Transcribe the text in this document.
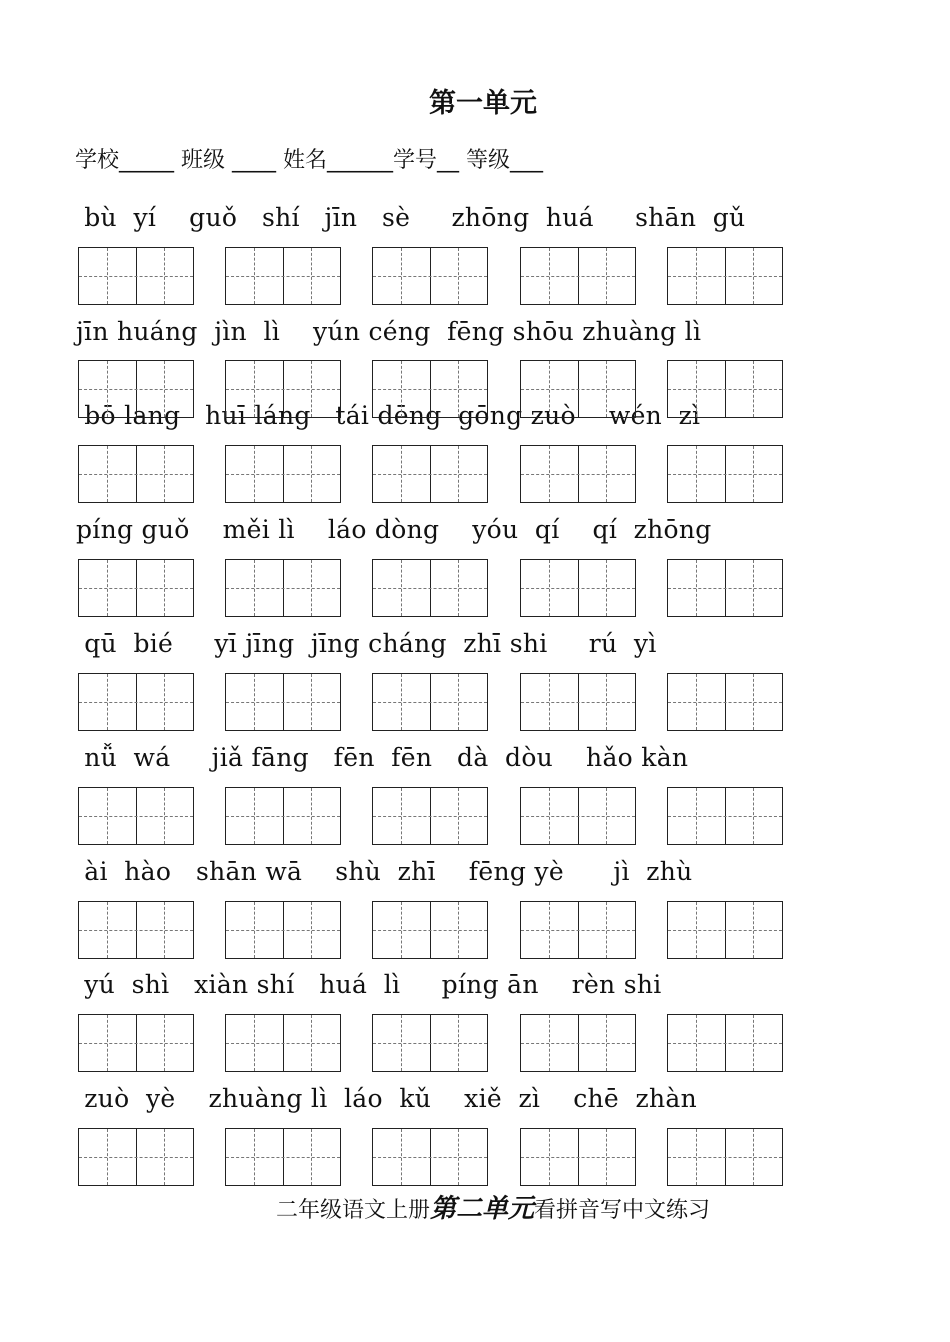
第一单元
学校_____ 班级 ____ 姓名______学号__ 等级___
bù  yí    guǒ   shí   jīn   sè     zhōng  huá     shān  gǔ
jīn huáng  jìn  lì    yún céng  fēng shōu zhuàng lì
bō lang   huī láng   tái dēng  gōng zuò    wén  zì
píng guǒ    měi lì    láo dòng    yóu  qí    qí  zhōng
qū  bié     yī jīng  jīng cháng  zhī shi     rú  yì
nǚ  wá     jiǎ fāng   fēn  fēn   dà  dòu    hǎo kàn
ài  hào   shān wā    shù  zhī    fēng yè      jì  zhù
yú  shì   xiàn shí   huá  lì     píng ān    rèn shi
zuò  yè    zhuàng lì  láo  kǔ    xiě  zì    chē  zhàn
二年级语文上册第二单元看拼音写中文练习
